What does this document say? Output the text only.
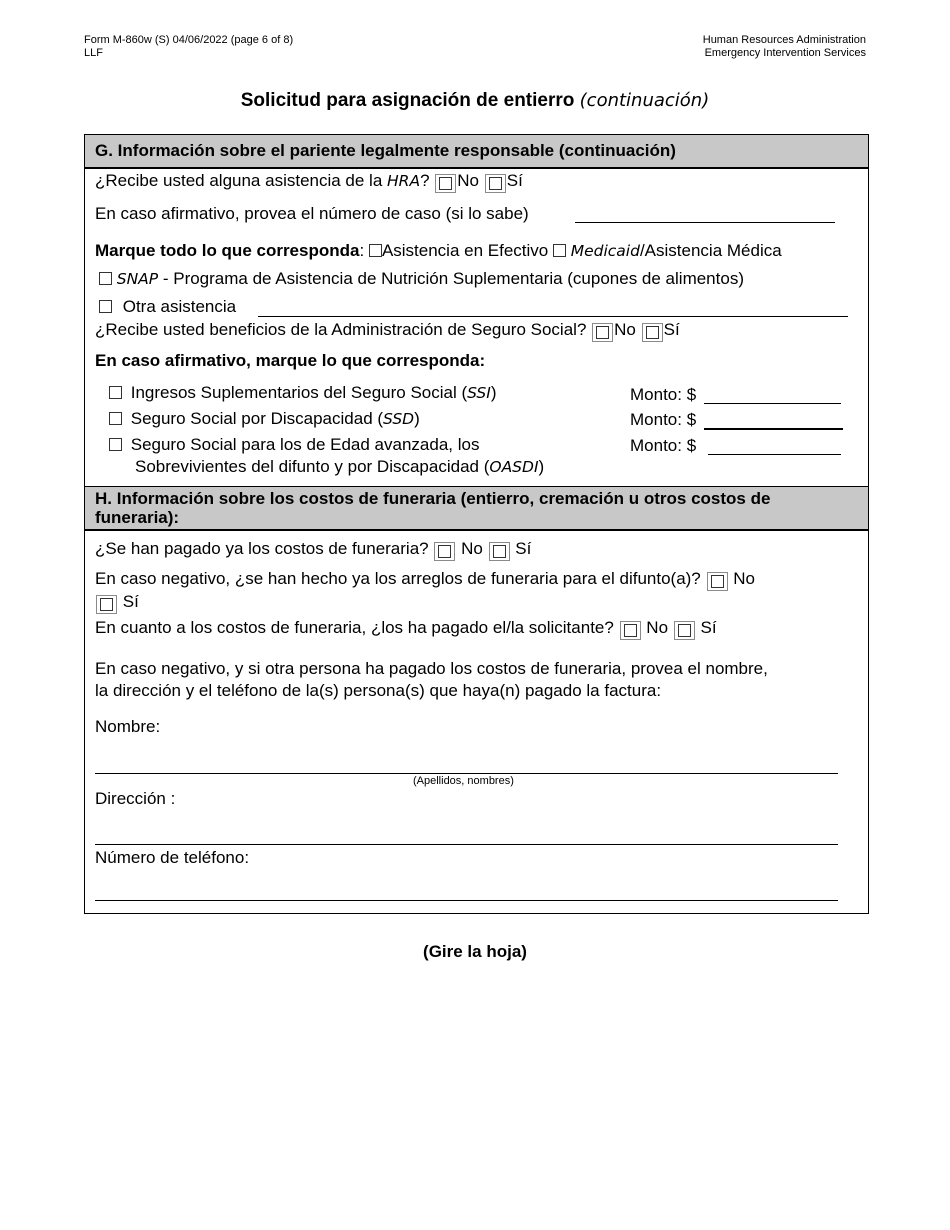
Form M-860w (S) 04/06/2022 (page 6 of 8)
LLF
Human Resources Administration
Emergency Intervention Services
Solicitud para asignación de entierro (continuación)
G. Información sobre el pariente legalmente responsable (continuación)
¿Recibe usted alguna asistencia de la HRA? No Sí
En caso afirmativo, provea el número de caso (si lo sabe)
Marque todo lo que corresponda: Asistencia en Efectivo Medicaid/Asistencia Médica
SNAP - Programa de Asistencia de Nutrición Suplementaria (cupones de alimentos)
Otra asistencia
¿Recibe usted beneficios de la Administración de Seguro Social? No Sí
En caso afirmativo, marque lo que corresponda:
Ingresos Suplementarios del Seguro Social (SSI)	Monto: $
Seguro Social por Discapacidad (SSD)	Monto: $
Seguro Social para los de Edad avanzada, los
Sobrevivientes del difunto y por Discapacidad (OASDI)
Monto: $
H. Información sobre los costos de funeraria (entierro, cremación u otros costos de funeraria):
¿Se han pagado ya los costos de funeraria? No Sí
En caso negativo, ¿se han hecho ya los arreglos de funeraria para el difunto(a)? No
Sí
En cuanto a los costos de funeraria, ¿los ha pagado el/la solicitante? No Sí
En caso negativo, y si otra persona ha pagado los costos de funeraria, provea el nombre,
la dirección y el teléfono de la(s) persona(s) que haya(n) pagado la factura:
Nombre:
(Apellidos, nombres)
Dirección :
Número de teléfono:
(Gire la hoja)
